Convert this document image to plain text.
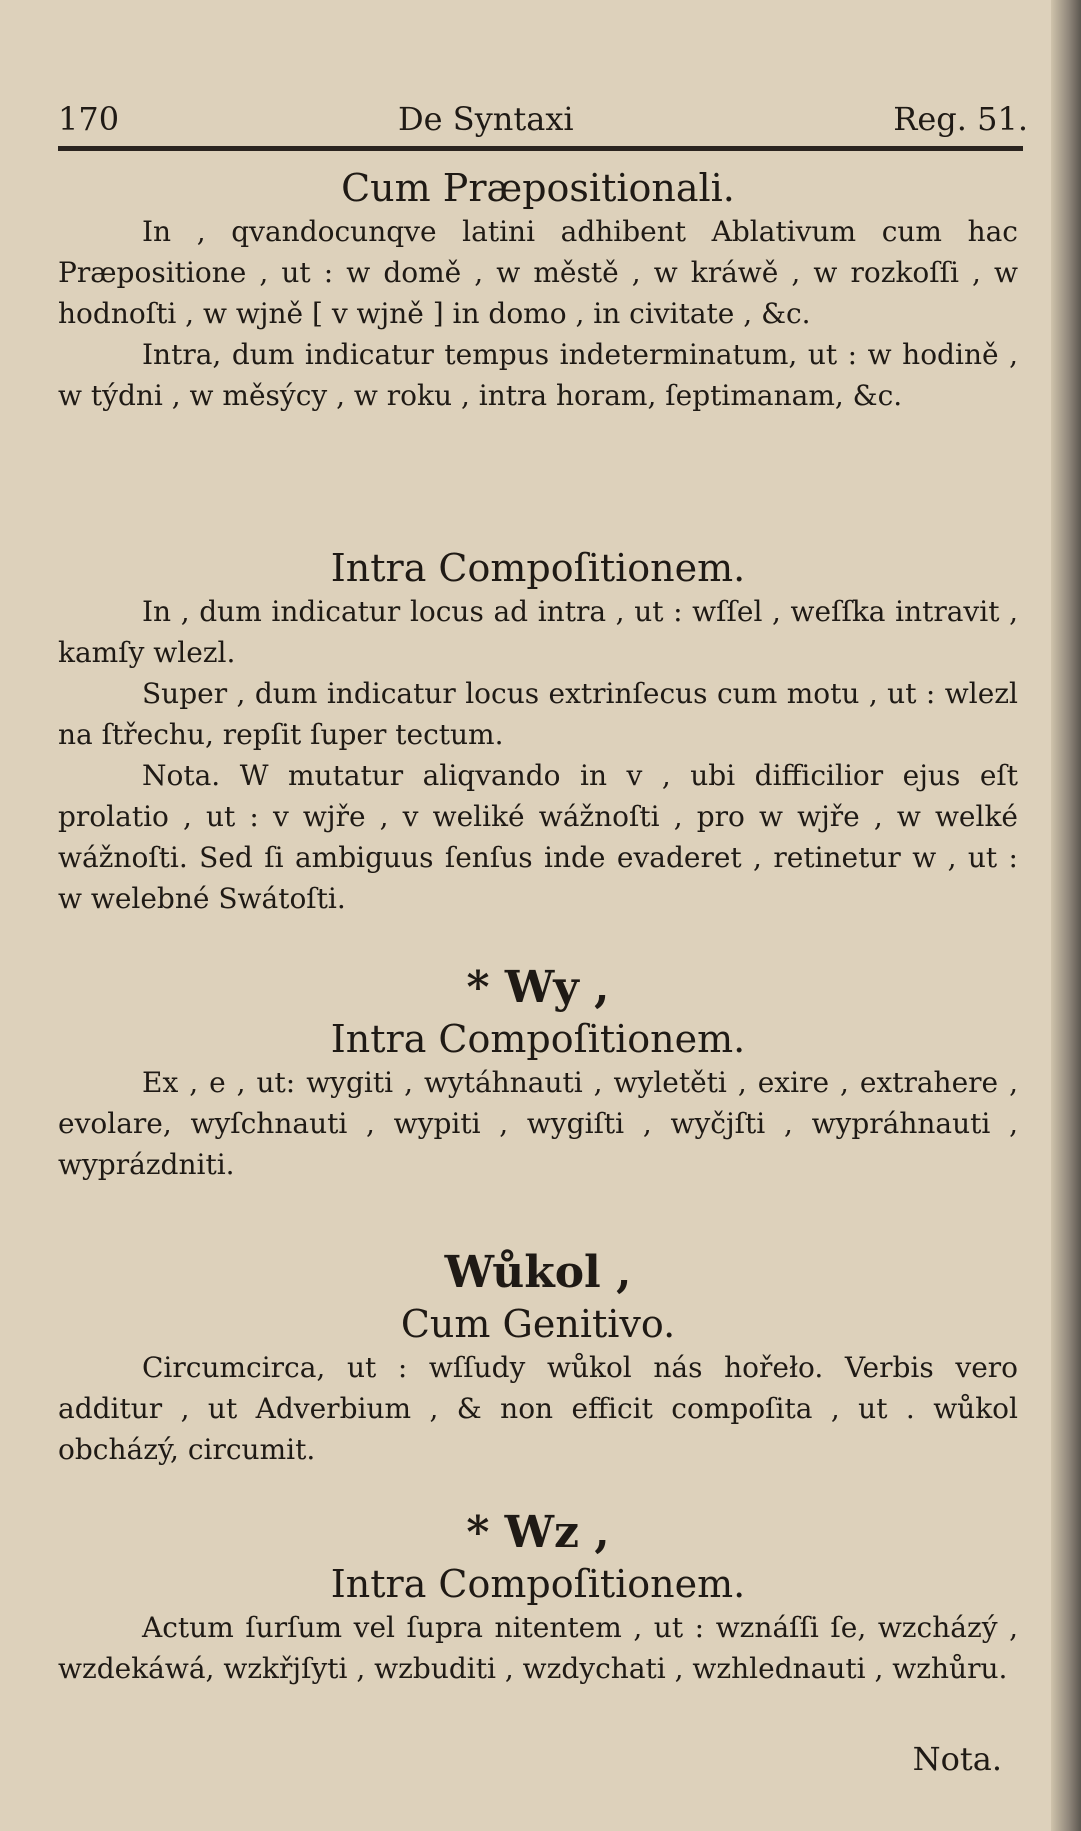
170	De Syntaxi	Reg. 51.
Cum Præpositionali.

In , qvandocunqve latini adhibent Ablativum cum hac Præpositione , ut : w domě , w městě , w kráwě , w rozkoſſi , w hodnoſti , w wjně [ v wjně ] in domo , in civitate , &c.

Intra, dum indicatur tempus indeterminatum, ut : w hodině , w týdni , w měsýcy , w roku , intra horam, ſeptimanam, &c.

Intra Compoſitionem.

In , dum indicatur locus ad intra , ut : wſſel , weſſka intravit , kamſy wlezl.

Super , dum indicatur locus extrinſecus cum motu , ut : wlezl na ſtřechu, repſit ſuper tectum.

Nota. W mutatur aliqvando in v , ubi difficilior ejus eſt prolatio , ut : v wjře , v weliké wážnoſti , pro w wjře , w welké wážnoſti. Sed ſi ambiguus ſenſus inde evaderet , retinetur w , ut : w welebné Swátoſti.

* Wy ,
Intra Compoſitionem.

Ex , e , ut: wygiti , wytáhnauti , wyletěti , exire , extrahere , evolare, wyſchnauti , wypiti , wygiſti , wyčjſti , wypráhnauti , wyprázdniti.

Wůkol ,
Cum Genitivo.

Circumcirca, ut : wſſudy wůkol nás hořeło. Verbis vero additur , ut Adverbium , & non efficit compoſita , ut . wůkol obcházý, circumit.

* Wz ,
Intra Compoſitionem.

Actum ſurſum vel ſupra nitentem , ut : wznáſſi ſe, wzcházý , wzdekáwá, wzkřjſyti , wzbuditi , wzdychati , wzhlednauti , wzhůru.

Nota.
